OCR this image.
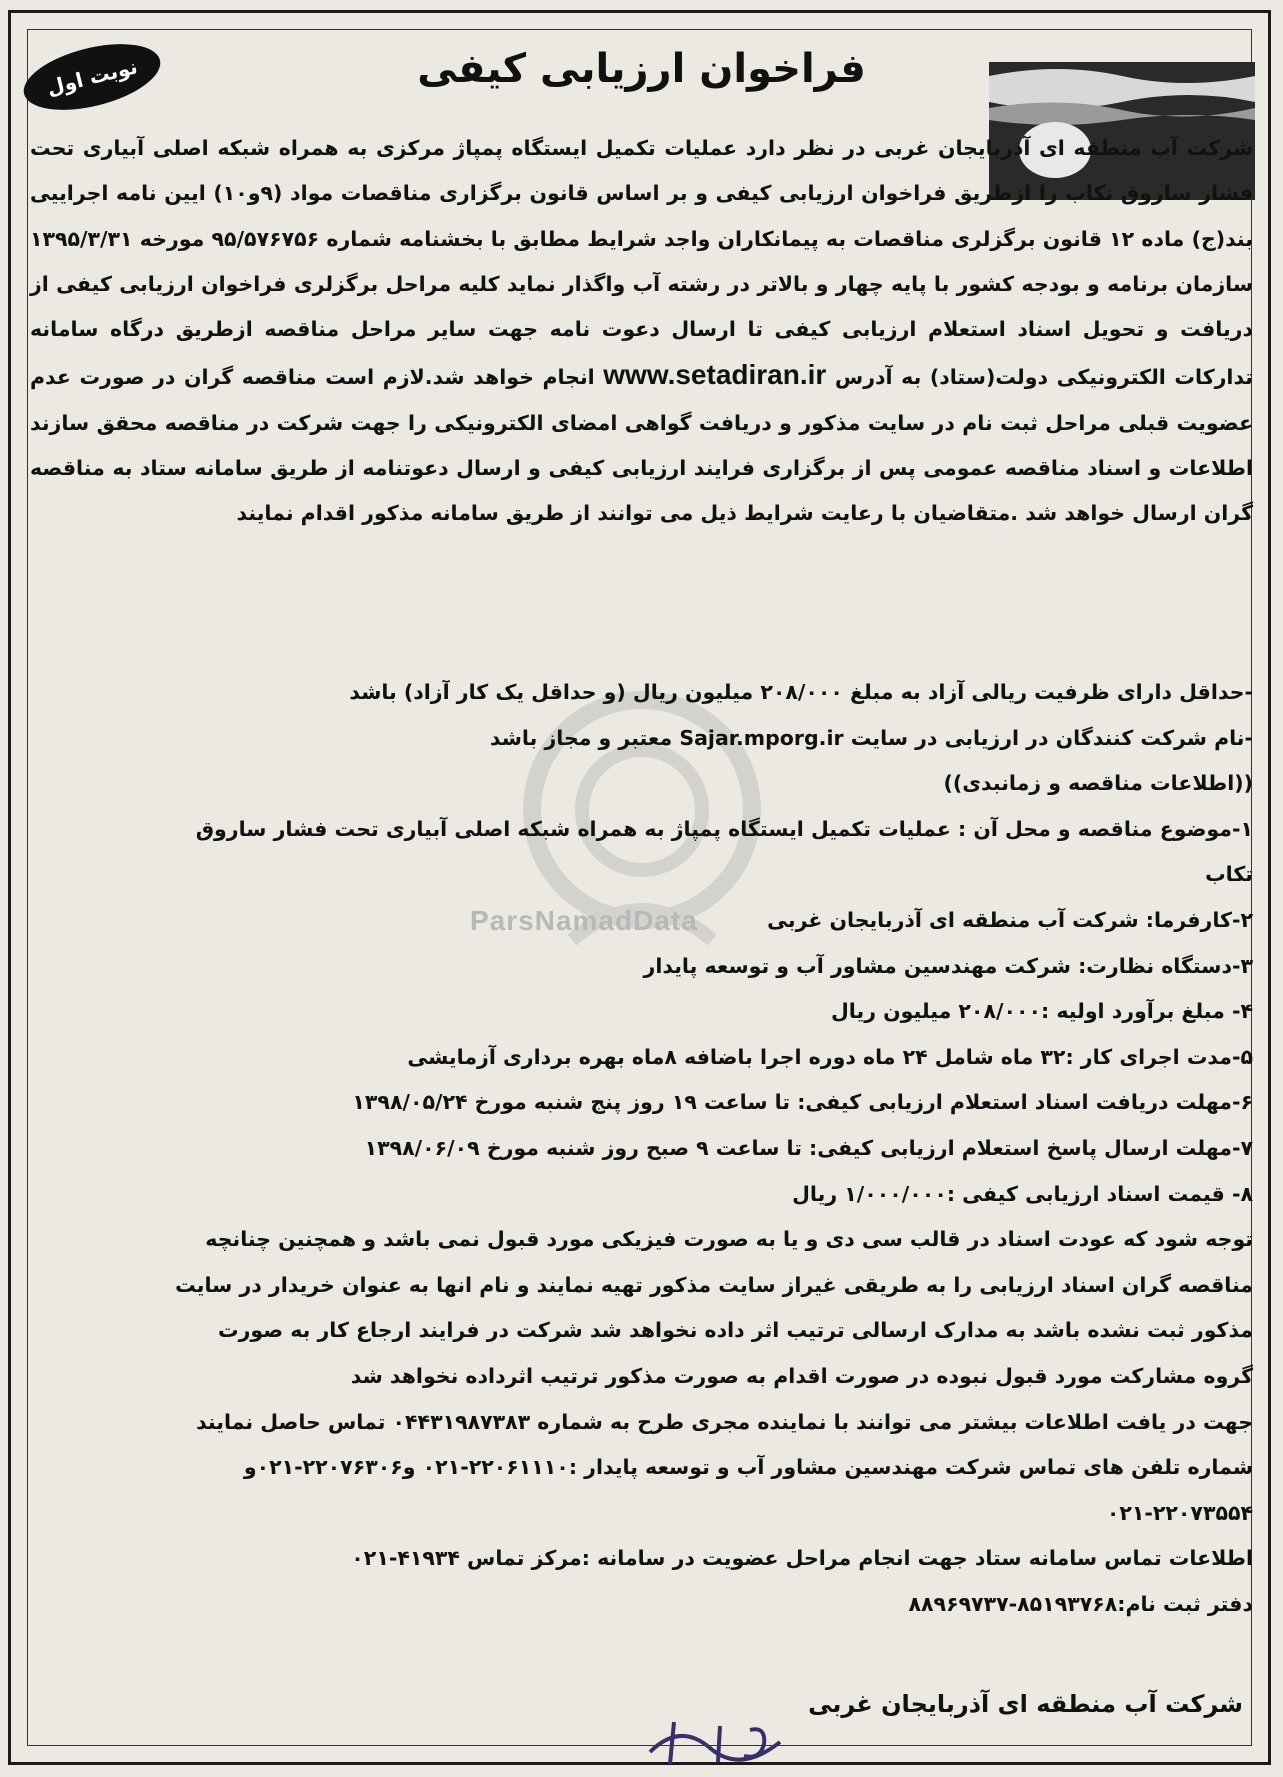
ParsNamadData
نوبت اول	فراخوان ارزیابی کیفی
شرکت آب منطقه ای آذربایجان غربی در نظر دارد عملیات تکمیل ایستگاه پمپاژ مرکزی به همراه شبکه اصلی آبیاری تحت فشار ساروق تکاب را ازطریق فراخوان ارزیابی کیفی و بر اساس قانون برگزاری مناقصات مواد (۹و۱۰) ایین نامه اجراییی بند(ج) ماده ۱۲ قانون برگزلری مناقصات به پیمانکاران واجد شرایط مطابق با بخشنامه شماره ۹۵/۵۷۶۷۵۶ مورخه ۱۳۹۵/۳/۳۱ سازمان برنامه و بودجه کشور با پایه چهار و بالاتر در رشته آب واگذار نماید کلیه مراحل برگزلری فراخوان ارزیابی کیفی از دریافت و تحویل اسناد استعلام ارزیابی کیفی تا ارسال دعوت نامه جهت سایر مراحل مناقصه ازطریق درگاه سامانه تدارکات الکترونیکی دولت(ستاد) به آدرس www.setadiran.ir انجام خواهد شد.لازم است مناقصه گران در صورت عدم عضویت قبلی مراحل ثبت نام در سایت مذکور و دریافت گواهی امضای الکترونیکی را جهت شرکت در مناقصه محقق سازند اطلاعات و اسناد مناقصه عمومی پس از برگزاری فرایند ارزیابی کیفی و ارسال دعوتنامه از طریق سامانه ستاد به مناقصه گران ارسال خواهد شد .متقاضیان با رعایت شرایط ذیل می توانند از طریق سامانه مذکور اقدام نمایند
-حداقل دارای ظرفیت ریالی آزاد به مبلغ ۲۰۸/۰۰۰ میلیون ریال (و حداقل یک کار آزاد) باشد
-نام شرکت کنندگان در ارزیابی در سایت Sajar.mporg.ir معتبر و مجاز باشد
((اطلاعات مناقصه و زمانبدی))
۱-موضوع مناقصه و محل آن : عملیات تکمیل ایستگاه پمپاژ به همراه شبکه اصلی آبیاری تحت فشار ساروق
تکاب
۲-کارفرما: شرکت آب منطقه ای آذربایجان غربی
۳-دستگاه نظارت: شرکت مهندسین مشاور آب و توسعه پایدار
۴- مبلغ برآورد اولیه :۲۰۸/۰۰۰ میلیون ریال
۵-مدت اجرای کار :۳۲ ماه شامل ۲۴ ماه دوره اجرا باضافه ۸ماه بهره برداری آزمایشی
۶-مهلت دریافت اسناد استعلام ارزیابی کیفی: تا ساعت ۱۹ روز پنج شنبه مورخ ۱۳۹۸/۰۵/۲۴
۷-مهلت ارسال پاسخ استعلام ارزیابی کیفی: تا ساعت ۹ صبح روز شنبه مورخ ۱۳۹۸/۰۶/۰۹
۸- قیمت اسناد ارزیابی کیفی :۱/۰۰۰/۰۰۰ ریال
توجه شود که عودت اسناد در قالب سی دی و یا به صورت فیزیکی مورد قبول نمی باشد و همچنین چنانچه
مناقصه گران اسناد ارزیابی را به طریقی غیراز سایت مذکور تهیه نمایند و نام انها به عنوان خریدار در سایت
مذکور ثبت نشده باشد به مدارک ارسالی ترتیب اثر داده نخواهد شد شرکت در فرایند ارجاع کار به صورت
گروه مشارکت مورد قبول نبوده در صورت اقدام به صورت مذکور ترتیب اثرداده نخواهد شد
جهت در یافت اطلاعات بیشتر می توانند با نماینده مجری طرح به شماره ۰۴۴۳۱۹۸۷۳۸۳ تماس حاصل نمایند
شماره تلفن های تماس شرکت مهندسین مشاور آب و توسعه پایدار :۲۲۰۶۱۱۱۰-۰۲۱ و۲۲۰۷۶۳۰۶-۰۲۱و
۰۲۱-۲۲۰۷۳۵۵۴
اطلاعات تماس سامانه ستاد جهت انجام مراحل عضویت در سامانه :مرکز تماس ۴۱۹۳۴-۰۲۱
دفتر ثبت نام:۸۵۱۹۳۷۶۸-۸۸۹۶۹۷۳۷
شرکت آب منطقه ای آذربایجان غربی
